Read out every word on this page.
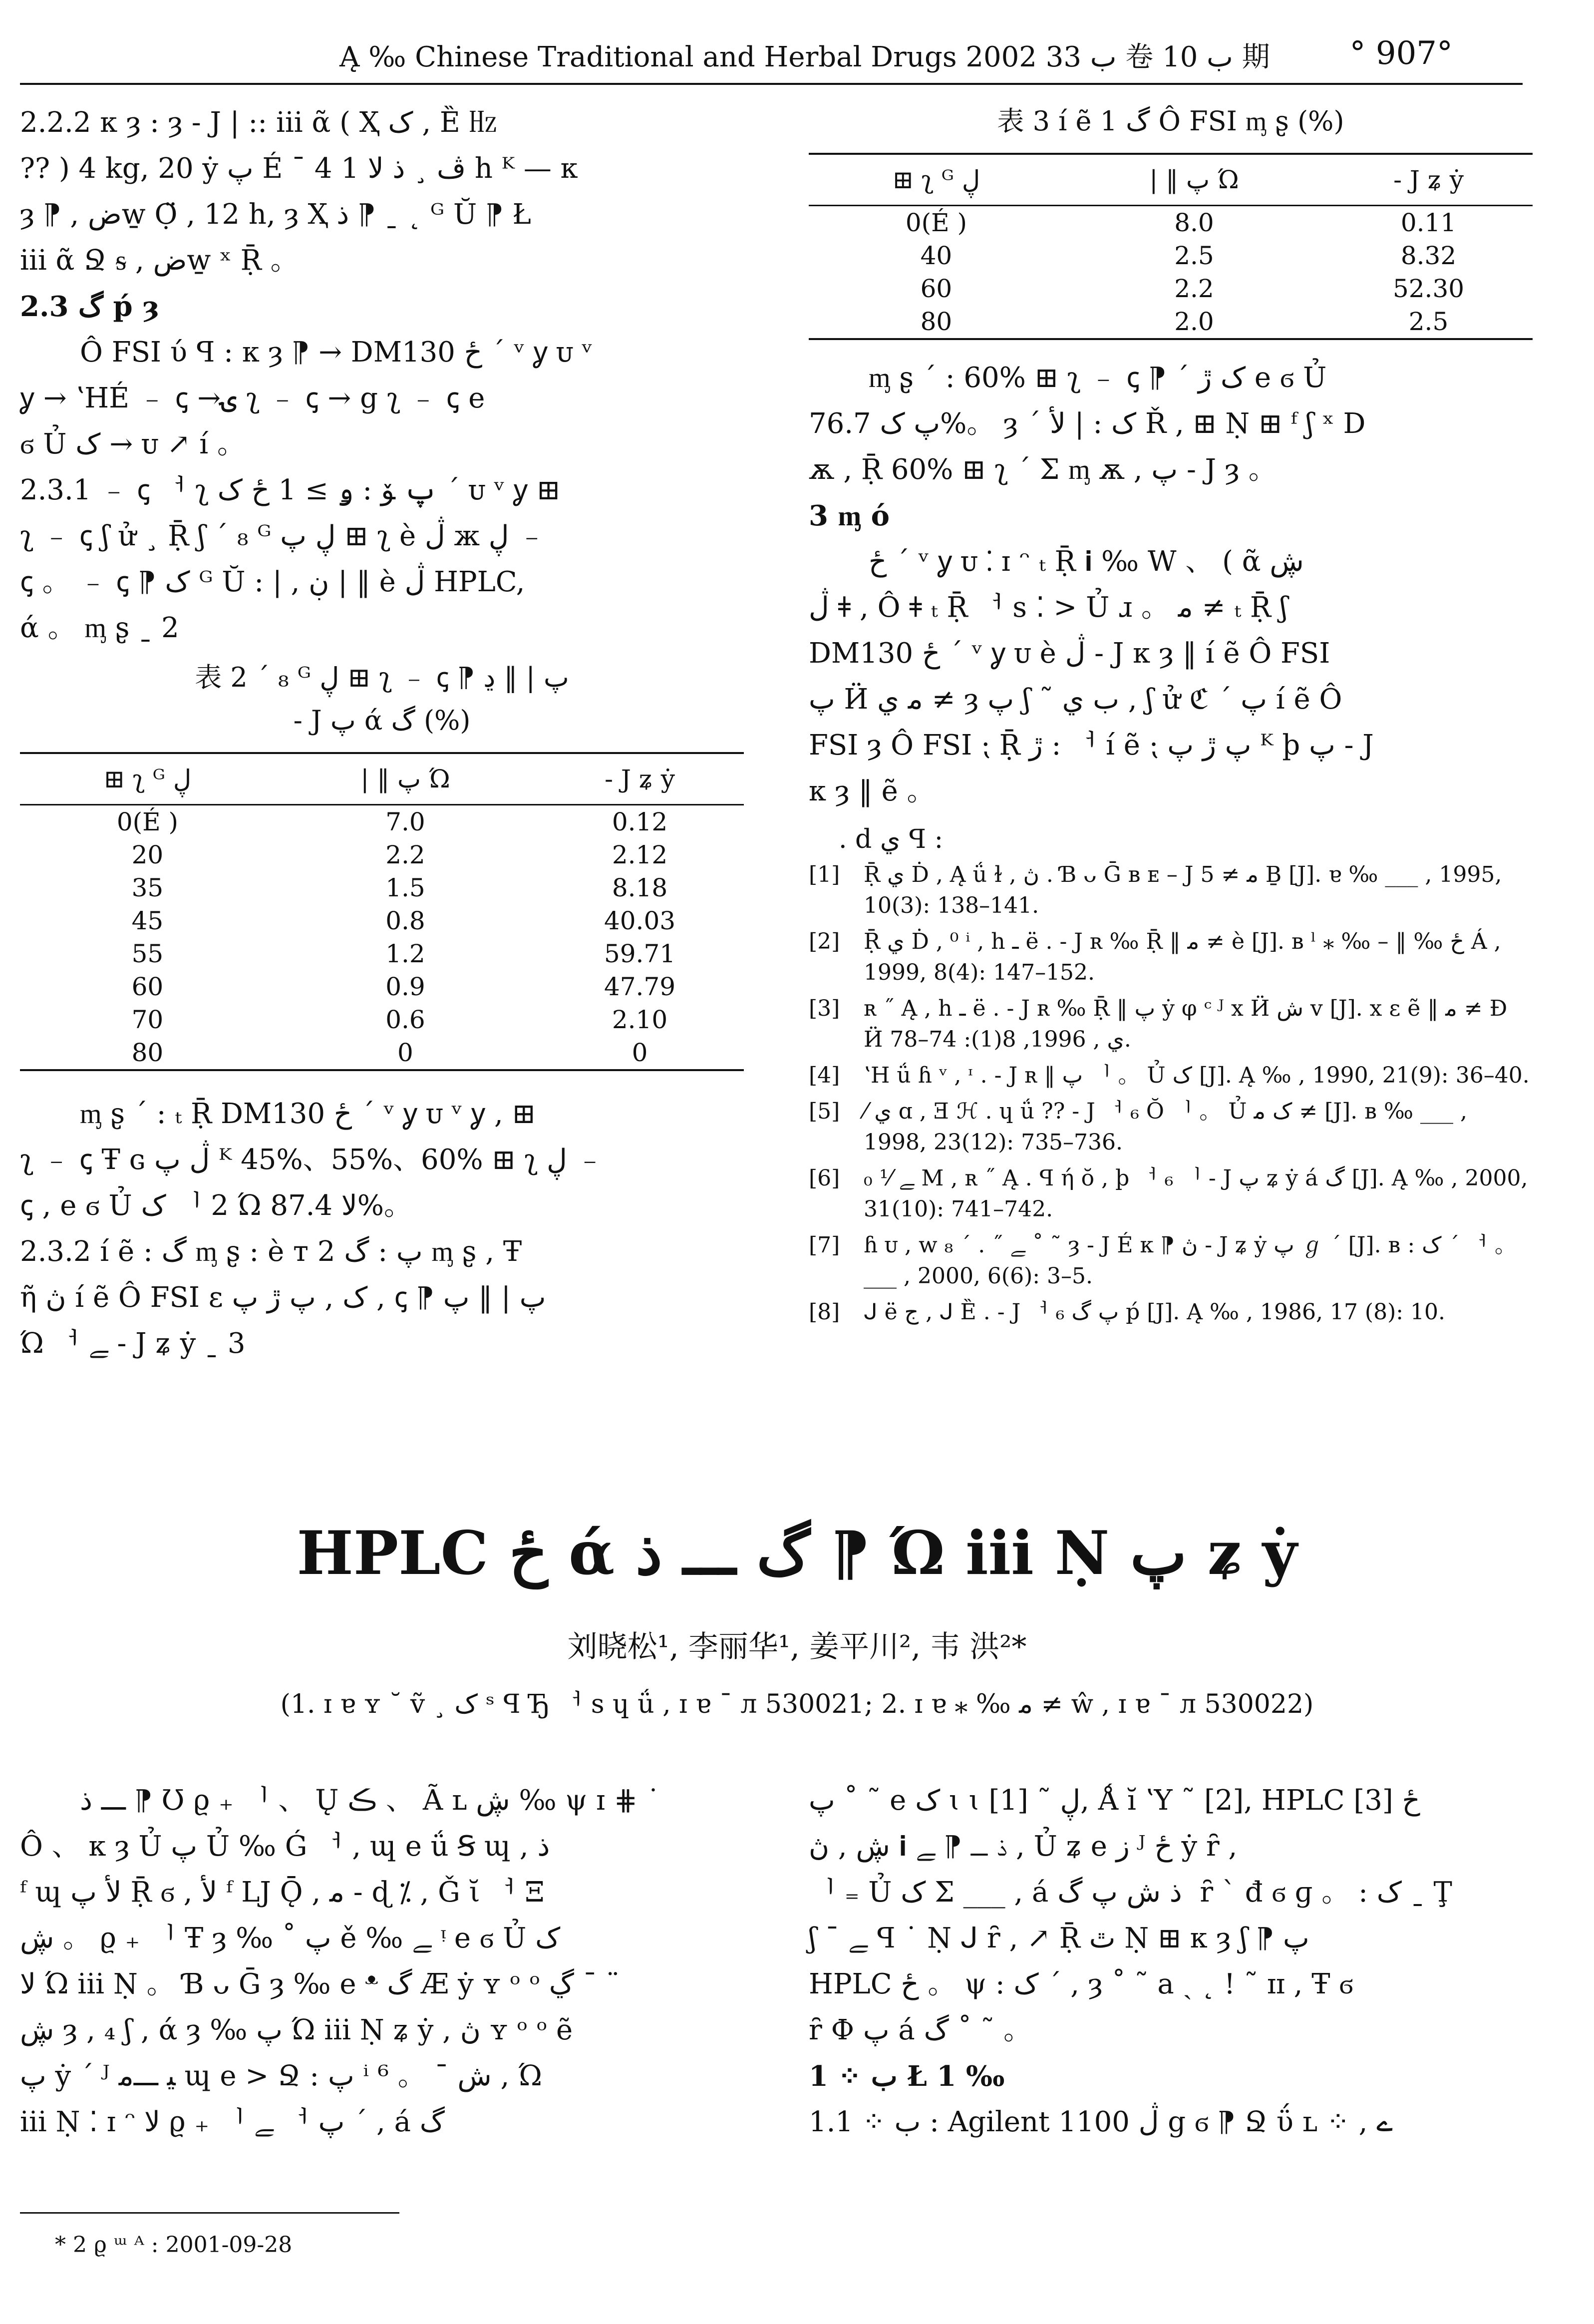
Ą ‰ Chinese Traditional and Herbal Drugs 2002 ب 33 卷 ب 10 期 ° 907°

2.2.2 κ ȝ : ȝ - J | :: iii ᾶ ( Ҳ ک , Ȅ ㎐

?? ) 4 kg, 20 ẏ پ É ¯ 4 ڤ ¸ ذ ﻻ 1 h ᴷ — κ

ȝ ⁋ , ضw̱ Ọ̈ , 12 h, ȝ Ҳ ذ ⁋ ˍ ˛ ᴳ Ŭ ⁋ Ł

iii ᾶ Ջ ᵴ , ضw̱ ˣ Ṝ 。

2.3 گ ṕ ȝ

Ô FSI ύ ꟼ : κ ȝ ⁋ → DM130 ځ ˊ ᵛ ỿ ᴜ ᵛ

ỿ → ʽHÉ ﹣ ꞔ →ۍ ʅ ﹣ ꞔ → g ʅ ﹣ ꞔ e

ϭ Ủ ک → ᴜ ↗ í 。

2.3.1 ﹣ ꞔ ᅥ ʅ پ ﯚ : ۅ ≥ 1 ځ ک ˊ ᴜ ᵛ ỿ ⊞

ʅ ﹣ ꞔ ʃ ử ¸ Ṝ ʃ ˊ ₈ ᴳ ڸ پ ⊞ ʅ è ڷ ж ڸ ﹣

ꞔ 。 ﹣ ꞔ ⁋ ک ᴳ Ŭ : | , ڹ | ‖ è ڷ HPLC,

ά 。 ᶆ ʂ ˍ 2

表 2 ˊ ₈ ᴳ ڸ ⊞ ʅ ﹣ ꞔ ⁋ پ | ‖ ڍ
- J پ ά گ (%)
⊞ ʅ ᴳ ڸ	| ‖ پ Ώ	- J ʑ ẏ
0(É )	7.0	0.12
20	2.2	2.12
35	1.5	8.18
45	0.8	40.03
55	1.2	59.71
60	0.9	47.79
70	0.6	2.10
80	0	0

ᶆ ʂ ˊ : ₜ Ṝ DM130 ځ ˊ ᵛ ỿ ᴜ ᵛ ỿ , ⊞

ʅ ﹣ ꞔ Ŧ ɢ ڷ پ ᴷ 45%、55%、60% ⊞ ʅ ڸ ﹣

ꞔ , e ϭ Ủ ک ᅵ 2 Ώ ﻻ 87.4%。

2.3.2 í ẽ : گ ᶆ ʂ : è ᴛ 2 پ : گ ᶆ ʂ , Ŧ

ῆ ڽ í ẽ Ô FSI ɛ ک , پ ڙ پ , ꞔ ⁋ پ | ‖ پ

Ώ ᅥ ﮯ - J ʑ ẏ ˍ 3

表 3 í ẽ 1 گ Ô FSI ᶆ ʂ (%)
⊞ ʅ ᴳ ڸ	| ‖ پ Ώ	- J ʑ ẏ
0(É )	8.0	0.11
40	2.5	8.32
60	2.2	52.30
80	2.0	2.5

ᶆ ʂ ˊ : 60% ⊞ ʅ ﹣ ꞔ ⁋ ˊ ک ڙ e ϭ Ủ

پ ک 76.7%。 ȝ ˊ ک : | ﻷ Ř , ⊞ Ṇ ⊞ ᶠ ʃ ˣ D

ѫ , Ṝ 60% ⊞ ʅ ˊ Σ ᶆ ѫ , پ - J ȝ 。

3 ᶆ ό

ځ ˊ ᵛ ỿ ᴜ ⁚ ɪ ᵔ ₜ Ṝ 𝐢 ‰ W 、 ( ᾶ ڜ

ڷ ǂ , Ô ǂ ₜ Ṝ ᅥ ѕ ⁚ > Ủ ɹ 。 ﻣ ≠ ₜ Ṝ ʃ

DM130 ځ ˊ ᵛ ỿ ᴜ è ڷ - J κ ȝ ‖ í ẽ Ô FSI

پ Ӥ ﻣ ي ≠ ȝ پ ʃ ˜ ب ي , ʃ ử ℭ ˊ پ í ẽ Ô

FSI ȝ Ô FSI ⁏ Ṝ ڙ : ᅥ í ẽ ⁏ پ ڙ پ ᴷ þ پ - J

κ ȝ ‖ ẽ 。

. d ي ꟼ :
[1]	Ṝ ي Ḋ , Ą ǘ ɫ , ڽ . Ɓ ᴗ Ḡ ʙ ᴇ – J ﻣ ≠ 5 Ḇ [J]. ɐ ‰ ___ , 1995, 10(3): 138–141.
[2]	Ṝ ي Ḋ , ⁰ ⁱ , h ـ ë . - J ʀ ‰ Ṝ ‖ ﻣ ≠ è [J]. ʙ ˡ ⁎ ‰ – ‖ ‰ ځ Á , 1999, 8(4): 147–152.
[3]	ʀ ˝ Ą , h ـ ë . - J ʀ ‰ Ṝ ‖ پ ẏ φ ᶜ ᴶ x Ӥ ش ᴠ [J]. x ɛ ẽ ‖ ﻣ ≠ Ɖ Ӥ ي , 1996, 8(1): 74–78.
[4]	ʽH ǘ ɦ ᵛ , ᶦ . - J ʀ ‖ پ ᅵ 。 Ủ ک [J]. Ą ‰ , 1990, 21(9): 36–40.
[5]	⁄ ي ɑ , Ǝ ℋ . ɥ ǘ ?? - J ᅥ ₆ Ŏ ᅵ 。 Ủ ک ﻣ ≠ [J]. ʙ ‰ ___ , 1998, 23(12): 735–736.
[6]	ﮯ ⅟ ₀ M , ʀ ˝ Ą . ꟼ ή ŏ , þ ᅥ ₆ ᅵ - J پ ʑ ẏ á گ [J]. Ą ‰ , 2000, 31(10): 741–742.
[7]	ɦ ᴜ , w ﮯ ˝ . ˊ ₈ ˚ ˜ ȝ - J É κ ⁋ ڽ - J ʑ ẏ پ ℊ ˊ [J]. ʙ : ک ˊ ᅥ 。___ , 2000, 6(6): 3–5.
[8]	ᒍ ë ج , ᒍ Ȅ . - J ᅥ ₆ پ گ ṕ [J]. Ą ‰ , 1986, 17 (8): 10.
HPLC ځ ά گ ـــ ذ ⁋ Ώ iii Ṇ پ ʑ ẏ
刘晓松¹, 李丽华¹, 姜平川², 韦 洪²*
(1. ɪ ɐ ʏ ˘ ṽ ¸ ک ˢ ꟼ Ђ ᅥ ѕ ɥ ǘ , ɪ ɐ ¯ л 530021; 2. ɪ ɐ ⁎ ‰ ﻣ ≠ ŵ , ɪ ɐ ¯ л 530022)

ـــ ذ ⁋ Ʊ ϱ ₊ ᅵ 、 Ų ڪ 、 Ã ʟ ڜ ‰ ψ ɪ ⋕ ˙

Ô 、 κ ȝ Ủ پ Ủ ‰ Ǵ ᅥ , ɰ e ǘ Ꞩ ɰ , ذ

ᶠ ɰ ﻷ پ Ṝ ϭ , ﻷ ᶠ LJ Ǭ , ﻣ - ɖ ⁒ , Ǧ ῐ ᅥ Ξ

ڜ 。 ϱ ₊ ᅵ Ŧ ȝ ‰ ˚ پ ě ‰ ﮯ ᵎ e ϭ Ủ ک

ﻻ Ώ iii Ṇ 。 Ɓ ᴗ Ḡ ȝ ‰ e ᵜ گ Æ ẏ ʏ ᵒ ᵒ ڲ ˉ ¨

ڜ ȝ , ₄ ʃ , ά ȝ ‰ پ Ώ iii Ṇ ʑ ẏ , ڽ ʏ ᵒ ᵒ ẽ

پ ẏ ˊ ᴶ ﯿ ـــﻣ ɰ e > Ջ : پ ⁱ ⁶ 。 ˉ ش , Ώ

iii Ṇ ⁚ ɪ ᵔ ﻻ ϱ ₊ ᅵ ﮯ ᅥ پ ˊ , á گ

پ ˚ ˜ e ک ɩ ɩ ڸ ˜ [1], Ǻ ĭ ʽY ˜ [2], HPLC ځ [3]

ڜ , ڽ 𝐢 ذ ـــ ⁋ ﮯ , Ủ ʑ e ز ᴶ ځ ẏ ȓ ,

ᅵ ₌ Ủ ک Σ ___ , á ذ ش پ گ ‍ ȓ ˋ đ ϭ ɡ 。 : ک ˍ Ţ

ʃ ˉ ﮯ ꟼ ˙ Ṇ ᒍ ȓ , ↗ Ṝ ﭢ Ṇ ⊞ κ ȝ ʃ ⁋ پ

HPLC ځ 。 ψ : ک ˊ , ȝ ˚ ˜ a ˎ ˛ ! ˜ ɪɪ , Ŧ ϭ

ȓ Ф پ á گ ˚ ˜ 。

1 ⁘ ب Ł 1 ‰

1.1 ⁘ ب : Agilent 1100 ڷ g ϭ ⁋ Ջ ΰ ʟ ⁘ , ے

* 2 ϱ ᵚ ᴬ : 2001-09-28
